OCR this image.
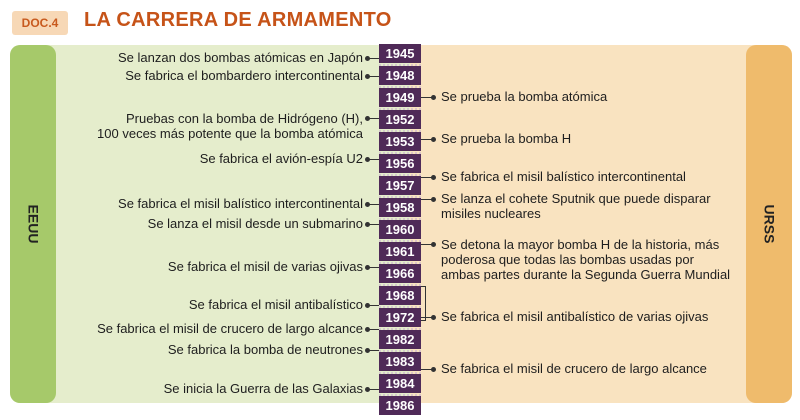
DOC.4	LA CARRERA DE ARMAMENTO
EEUU	URSS
1945
1948
1949
1952
1953
1956
1957
1958
1960
1961
1966
1968
1972
1982
1983
1984
1986
Se lanzan dos bombas atómicas en Japón
Se fabrica el bombardero intercontinental
Pruebas con la bomba de Hidrógeno (H),
100 veces más potente que la bomba atómica
Se fabrica el avión-espía U2
Se fabrica el misil balístico intercontinental
Se lanza el misil desde un submarino
Se fabrica el misil de varias ojivas
Se fabrica el misil antibalístico
Se fabrica el misil de crucero de largo alcance
Se fabrica la bomba de neutrones
Se inicia la Guerra de las Galaxias
Se prueba la bomba atómica
Se prueba la bomba H
Se fabrica el misil balístico intercontinental
Se lanza el cohete Sputnik que puede disparar
misiles nucleares
Se detona la mayor bomba H de la historia, más
poderosa que todas las bombas usadas por
ambas partes durante la Segunda Guerra Mundial
Se fabrica el misil antibalístico de varias ojivas
Se fabrica el misil de crucero de largo alcance
